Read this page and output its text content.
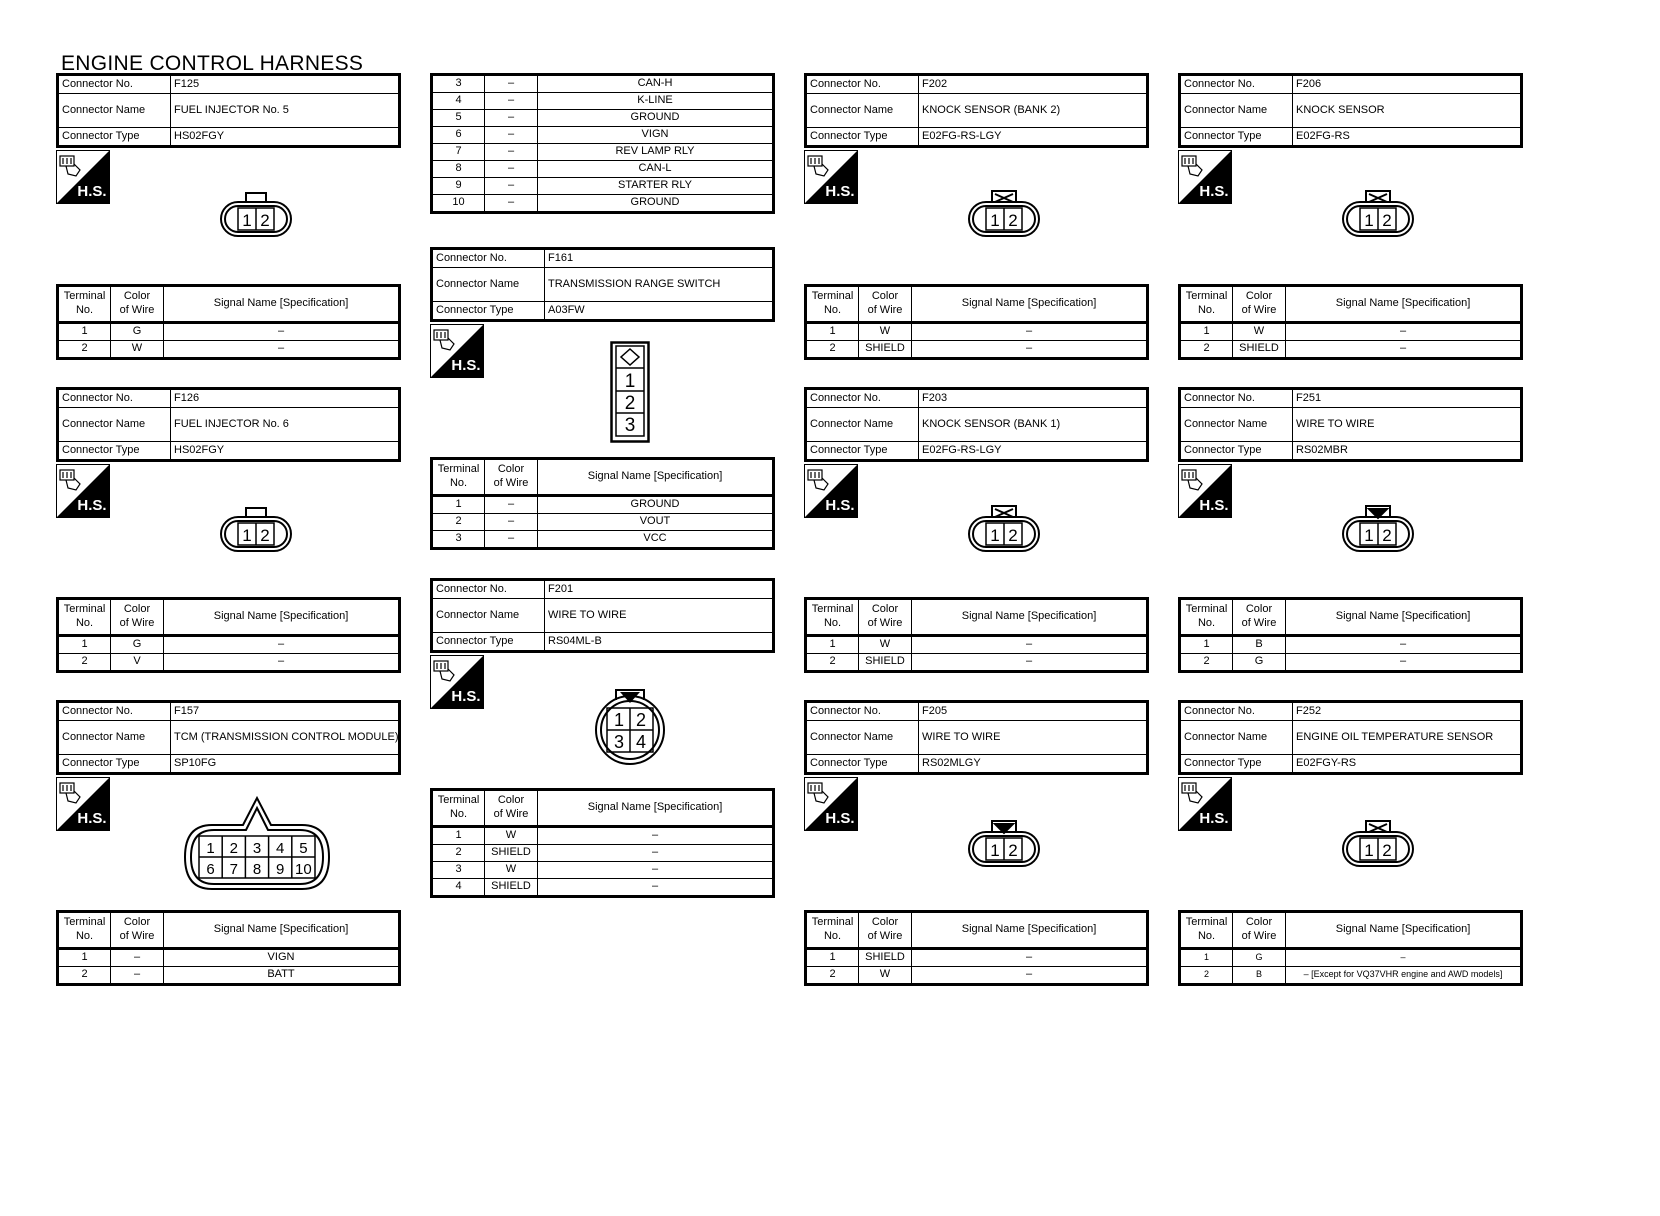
ENGINE CONTROL HARNESS
Connector No.	F125
Connector Name	FUEL INJECTOR No. 5
Connector Type	HS02FGY
H.S.
1 2
Terminal
No.	Color
of Wire	Signal Name [Specification]
1	G	–
2	W	–
Connector No.	F126
Connector Name	FUEL INJECTOR No. 6
Connector Type	HS02FGY
H.S.
1 2
Terminal
No.	Color
of Wire	Signal Name [Specification]
1	G	–
2	V	–
Connector No.	F157
Connector Name	TCM (TRANSMISSION CONTROL MODULE)
Connector Type	SP10FG
H.S.
1 2 3 4 5
6 7 8 9 10
Terminal
No.	Color
of Wire	Signal Name [Specification]
1	–	VIGN
2	–	BATT
3	–	CAN-H
4	–	K-LINE
5	–	GROUND
6	–	VIGN
7	–	REV LAMP RLY
8	–	CAN-L
9	–	STARTER RLY
10	–	GROUND
Connector No.	F161
Connector Name	TRANSMISSION RANGE SWITCH
Connector Type	A03FW
H.S.
1
2
3
Terminal
No.	Color
of Wire	Signal Name [Specification]
1	–	GROUND
2	–	VOUT
3	–	VCC
Connector No.	F201
Connector Name	WIRE TO WIRE
Connector Type	RS04ML-B
H.S.
1 2
3 4
Terminal
No.	Color
of Wire	Signal Name [Specification]
1	W	–
2	SHIELD	–
3	W	–
4	SHIELD	–
Connector No.	F202
Connector Name	KNOCK SENSOR (BANK 2)
Connector Type	E02FG-RS-LGY
H.S.
1 2
Terminal
No.	Color
of Wire	Signal Name [Specification]
1	W	–
2	SHIELD	–
Connector No.	F203
Connector Name	KNOCK SENSOR (BANK 1)
Connector Type	E02FG-RS-LGY
H.S.
1 2
Terminal
No.	Color
of Wire	Signal Name [Specification]
1	W	–
2	SHIELD	–
Connector No.	F205
Connector Name	WIRE TO WIRE
Connector Type	RS02MLGY
H.S.
1 2
Terminal
No.	Color
of Wire	Signal Name [Specification]
1	SHIELD	–
2	W	–
Connector No.	F206
Connector Name	KNOCK SENSOR
Connector Type	E02FG-RS
H.S.
1 2
Terminal
No.	Color
of Wire	Signal Name [Specification]
1	W	–
2	SHIELD	–
Connector No.	F251
Connector Name	WIRE TO WIRE
Connector Type	RS02MBR
H.S.
1 2
Terminal
No.	Color
of Wire	Signal Name [Specification]
1	B	–
2	G	–
Connector No.	F252
Connector Name	ENGINE OIL TEMPERATURE SENSOR
Connector Type	E02FGY-RS
H.S.
1 2
Terminal
No.	Color
of Wire	Signal Name [Specification]
1	G	–
2	B	– [Except for VQ37VHR engine and AWD models]
